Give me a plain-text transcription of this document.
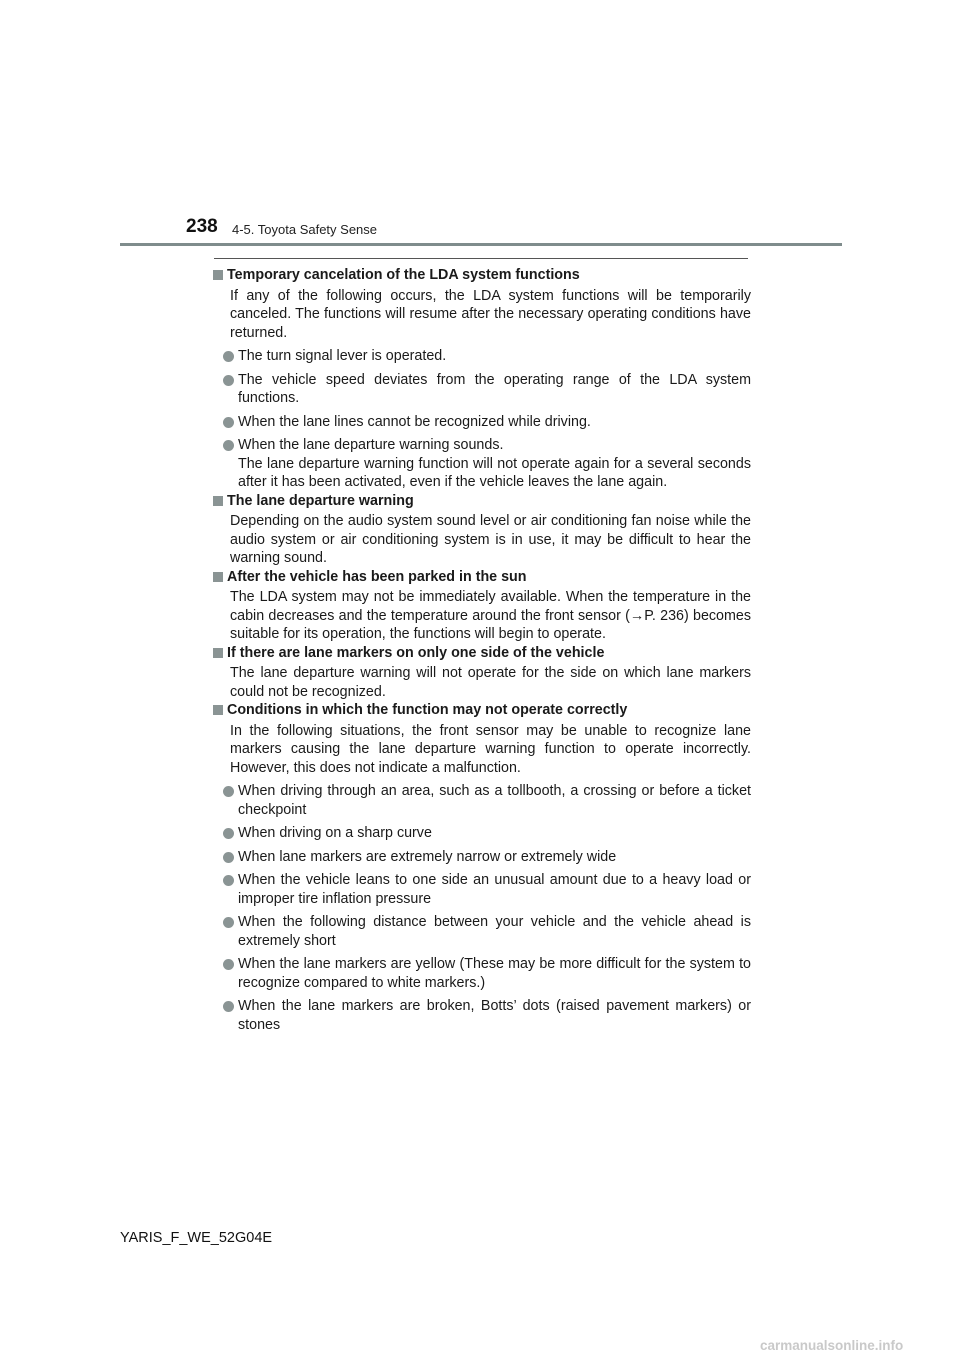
238 4-5. Toyota Safety Sense
Temporary cancelation of the LDA system functions
If any of the following occurs, the LDA system functions will be temporarily canceled. The functions will resume after the necessary operating conditions have returned.
The turn signal lever is operated.
The vehicle speed deviates from the operating range of the LDA system functions.
When the lane lines cannot be recognized while driving.
When the lane departure warning sounds.
The lane departure warning function will not operate again for a several seconds after it has been activated, even if the vehicle leaves the lane again.
The lane departure warning
Depending on the audio system sound level or air conditioning fan noise while the audio system or air conditioning system is in use, it may be difficult to hear the warning sound.
After the vehicle has been parked in the sun
The LDA system may not be immediately available. When the temperature in the cabin decreases and the temperature around the front sensor (→P. 236) becomes suitable for its operation, the functions will begin to operate.
If there are lane markers on only one side of the vehicle
The lane departure warning will not operate for the side on which lane markers could not be recognized.
Conditions in which the function may not operate correctly
In the following situations, the front sensor may be unable to recognize lane markers causing the lane departure warning function to operate incorrectly. However, this does not indicate a malfunction.
When driving through an area, such as a tollbooth, a crossing or before a ticket checkpoint
When driving on a sharp curve
When lane markers are extremely narrow or extremely wide
When the vehicle leans to one side an unusual amount due to a heavy load or improper tire inflation pressure
When the following distance between your vehicle and the vehicle ahead is extremely short
When the lane markers are yellow (These may be more difficult for the system to recognize compared to white markers.)
When the lane markers are broken, Botts’ dots (raised pavement markers) or stones
YARIS_F_WE_52G04E
carmanualsonline.info
